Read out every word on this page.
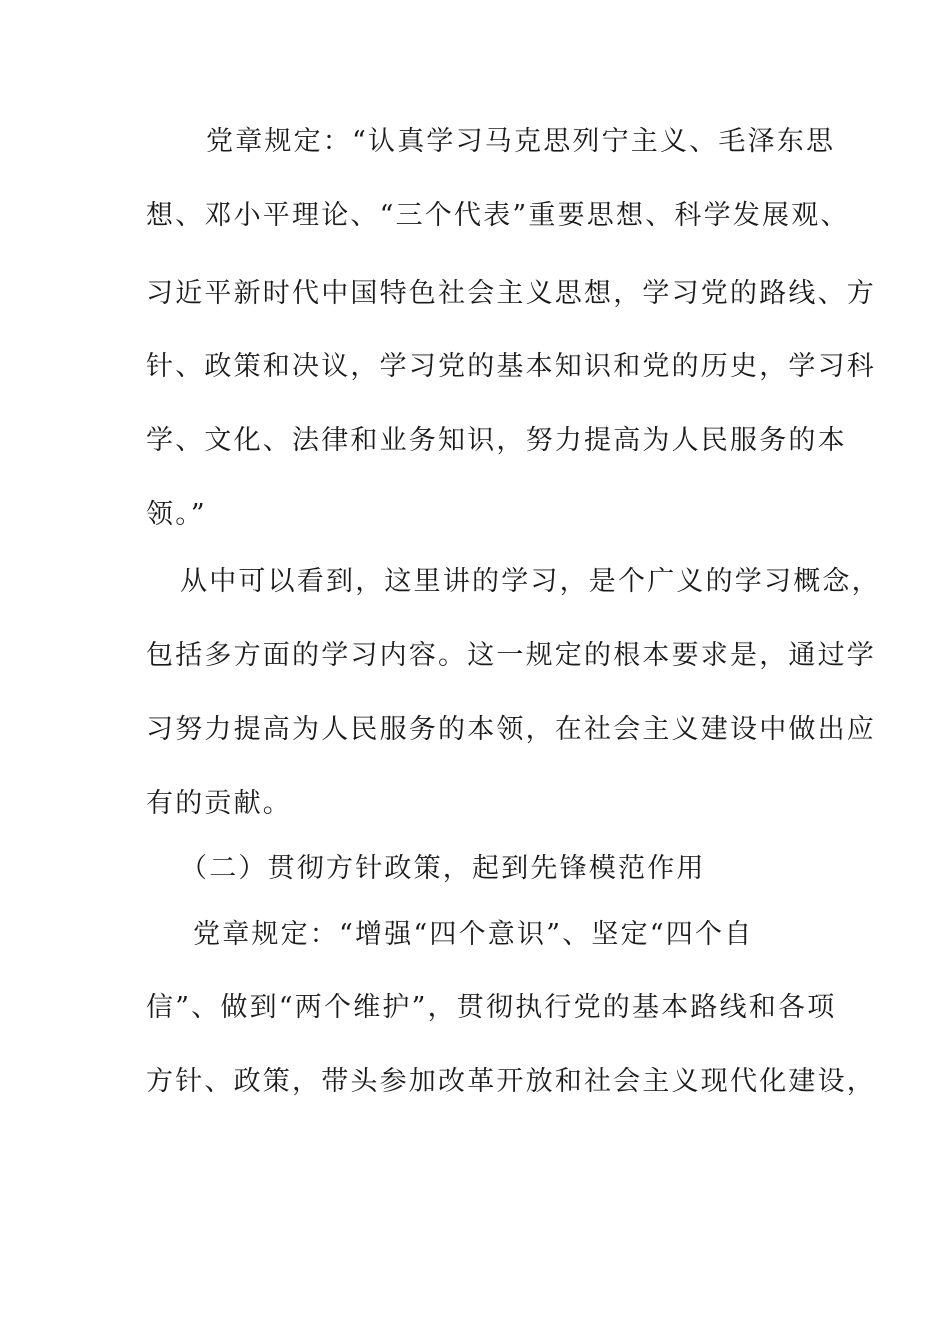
党章规定：“认真学习马克思列宁主义、毛泽东思
想、邓小平理论、“三个代表”重要思想、科学发展观、
习近平新时代中国特色社会主义思想，学习党的路线、方
针、政策和决议，学习党的基本知识和党的历史，学习科
学、文化、法律和业务知识，努力提高为人民服务的本
领。”
从中可以看到，这里讲的学习，是个广义的学习概念，
包括多方面的学习内容。这一规定的根本要求是，通过学
习努力提高为人民服务的本领，在社会主义建设中做出应
有的贡献。
（二）贯彻方针政策，起到先锋模范作用
党章规定：“增强“四个意识”、坚定“四个自
信”、做到“两个维护”，贯彻执行党的基本路线和各项
方针、政策，带头参加改革开放和社会主义现代化建设，
